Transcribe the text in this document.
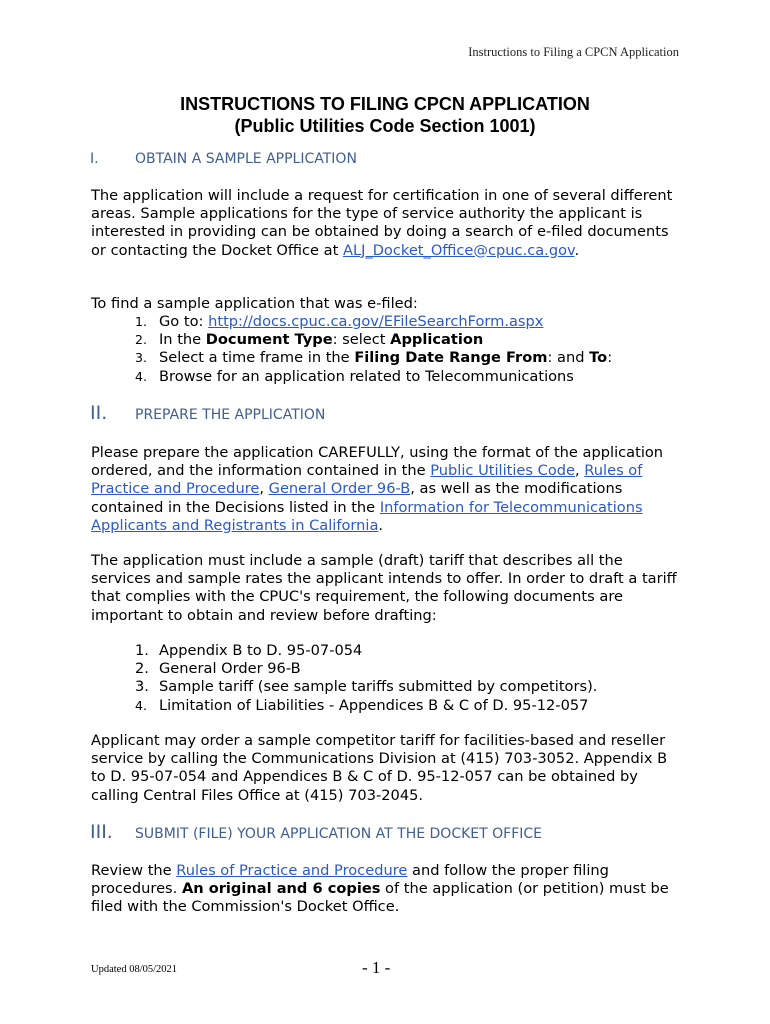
Instructions to Filing a CPCN Application
INSTRUCTIONS TO FILING CPCN APPLICATION
(Public Utilities Code Section 1001)
I.	OBTAIN A SAMPLE APPLICATION

The application will include a request for certification in one of several different areas. Sample applications for the type of service authority the applicant is interested in providing can be obtained by doing a search of e-filed documents or contacting the Docket Office at ALJ_Docket_Office@cpuc.ca.gov.

To find a sample application that was e-filed:
1. Go to: http://docs.cpuc.ca.gov/EFileSearchForm.aspx
2. In the Document Type: select Application
3. Select a time frame in the Filing Date Range From: and To:
4. Browse for an application related to Telecommunications
II. PREPARE THE APPLICATION

Please prepare the application CAREFULLY, using the format of the application ordered, and the information contained in the Public Utilities Code, Rules of Practice and Procedure, General Order 96-B, as well as the modifications contained in the Decisions listed in the Information for Telecommunications Applicants and Registrants in California.

The application must include a sample (draft) tariff that describes all the services and sample rates the applicant intends to offer. In order to draft a tariff that complies with the CPUC's requirement, the following documents are important to obtain and review before drafting:
1. Appendix B to D. 95-07-054
2. General Order 96-B
3. Sample tariff (see sample tariffs submitted by competitors).
4. Limitation of Liabilities - Appendices B & C of D. 95-12-057
Applicant may order a sample competitor tariff for facilities-based and reseller service by calling the Communications Division at (415) 703-3052. Appendix B to D. 95-07-054 and Appendices B & C of D. 95-12-057 can be obtained by calling Central Files Office at (415) 703-2045.
III. SUBMIT (FILE) YOUR APPLICATION AT THE DOCKET OFFICE

Review the Rules of Practice and Procedure and follow the proper filing procedures. An original and 6 copies of the application (or petition) must be filed with the Commission's Docket Office.

Updated 08/05/2021	- 1 -
